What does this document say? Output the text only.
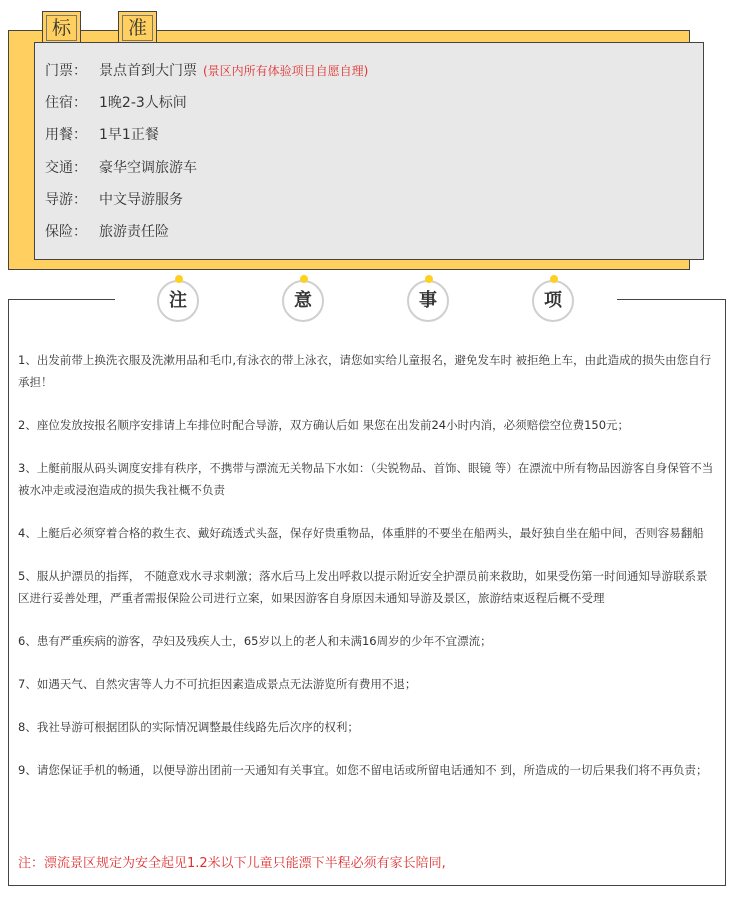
标	准
门票： 景点首到大门票 (景区内所有体验项目自愿自理)
住宿： 1晚2-3人标间
用餐： 1早1正餐
交通： 豪华空调旅游车
导游： 中文导游服务
保险： 旅游责任险
注	意	事	项
1、出发前带上换洗衣服及洗漱用品和毛巾,有泳衣的带上泳衣，请您如实给儿童报名，避免发车时 被拒绝上车，由此造成的损失由您自行承担！
2、座位发放按报名顺序安排请上车排位时配合导游，双方确认后如 果您在出发前24小时内消，必须赔偿空位费150元；
3、上艇前服从码头调度安排有秩序，不携带与漂流无关物品下水如：（尖锐物品、首饰、眼镜 等）在漂流中所有物品因游客自身保管不当被水冲走或浸泡造成的损失我社概不负责
4、上艇后必须穿着合格的救生衣、戴好疏透式头盔，保存好贵重物品，体重胖的不要坐在船两头，最好独自坐在船中间，否则容易翻船
5、服从护漂员的指挥， 不随意戏水寻求刺激；落水后马上发出呼救以提示附近安全护漂员前来救助，如果受伤第一时间通知导游联系景区进行妥善处理，严重者需报保险公司进行立案，如果因游客自身原因未通知导游及景区，旅游结束返程后概不受理
6、患有严重疾病的游客，孕妇及残疾人士，65岁以上的老人和未满16周岁的少年不宜漂流；
7、如遇天气、自然灾害等人力不可抗拒因素造成景点无法游览所有费用不退；
8、我社导游可根据团队的实际情况调整最佳线路先后次序的权利；
9、请您保证手机的畅通，以便导游出团前一天通知有关事宜。如您不留电话或所留电话通知不 到，所造成的一切后果我们将不再负责；
注：漂流景区规定为安全起见1.2米以下儿童只能漂下半程必须有家长陪同,
